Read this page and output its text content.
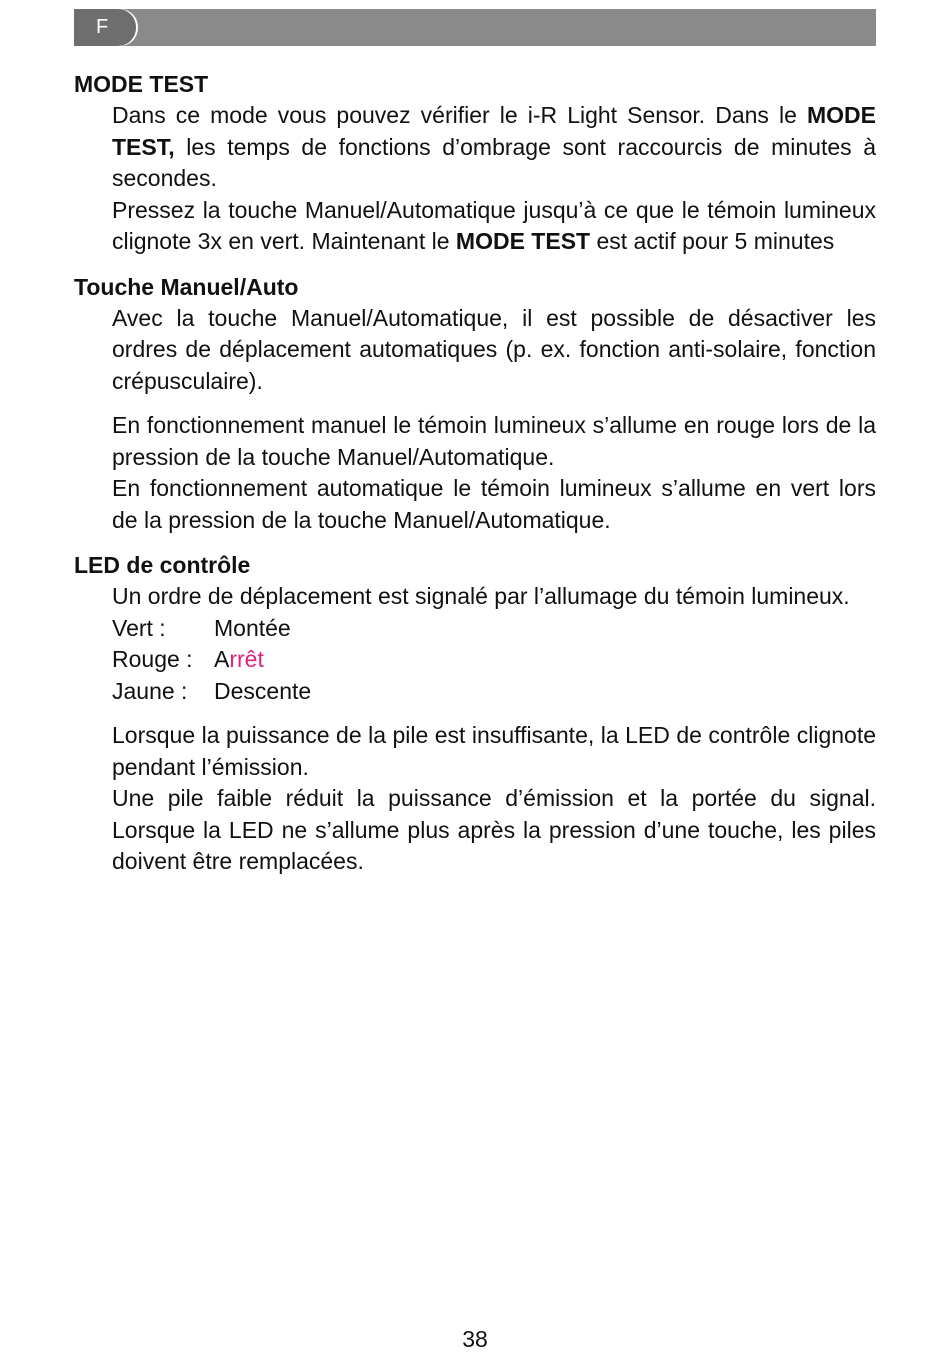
F
MODE TEST

Dans ce mode vous pouvez vérifier le i-R Light Sensor. Dans le MODE TEST, les temps de fonctions d’ombrage sont raccourcis de minutes à secondes.

Pressez la touche Manuel/Automatique jusqu’à ce que le témoin lumineux clignote 3x en vert. Maintenant le MODE TEST est actif pour 5 minutes

Touche Manuel/Auto

Avec la touche Manuel/Automatique, il est possible de désactiver les ordres de déplacement automatiques (p. ex. fonction anti-solaire, fonction crépusculaire).

En fonctionnement manuel le témoin lumineux s’allume en rouge lors de la pression de la touche Manuel/Automatique.

En fonctionnement automatique le témoin lumineux s’allume en vert lors de la pression de la touche Manuel/Automatique.

LED de contrôle

Un ordre de déplacement est signalé par l’allumage du témoin lumineux.

Vert :	Montée
Rouge : Arrêt
Jaune :	Descente

Lorsque la puissance de la pile est insuffisante, la LED de contrôle clignote pendant l’émission.

Une pile faible réduit la puissance d’émission et la portée du signal. Lorsque la LED ne s’allume plus après la pression d’une touche, les piles doivent être remplacées.

38
